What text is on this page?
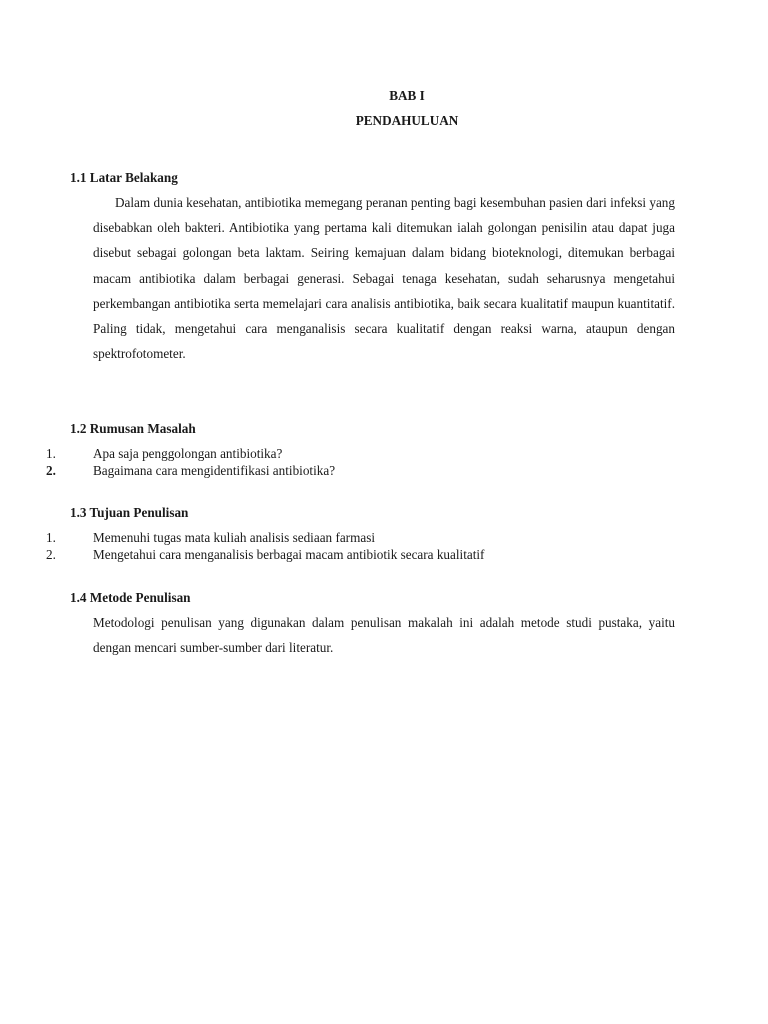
BAB I
PENDAHULUAN
1.1 Latar Belakang

Dalam dunia kesehatan, antibiotika memegang peranan penting bagi kesembuhan pasien dari infeksi yang disebabkan oleh bakteri. Antibiotika yang pertama kali ditemukan ialah golongan penisilin atau dapat juga disebut sebagai golongan beta laktam. Seiring kemajuan dalam bidang bioteknologi, ditemukan berbagai macam antibiotika dalam berbagai generasi. Sebagai tenaga kesehatan, sudah seharusnya mengetahui perkembangan antibiotika serta memelajari cara analisis antibiotika, baik secara kualitatif maupun kuantitatif. Paling tidak, mengetahui cara menganalisis secara kualitatif dengan reaksi warna, ataupun dengan spektrofotometer.

1.2 Rumusan Masalah
1.	Apa saja penggolongan antibiotika?
2.	Bagaimana cara mengidentifikasi antibiotika?
1.3 Tujuan Penulisan
1.	Memenuhi tugas mata kuliah analisis sediaan farmasi
2.	Mengetahui cara menganalisis berbagai macam antibiotik secara kualitatif
1.4 Metode Penulisan

Metodologi penulisan yang digunakan dalam penulisan makalah ini adalah metode studi pustaka, yaitu dengan mencari sumber-sumber dari literatur.
